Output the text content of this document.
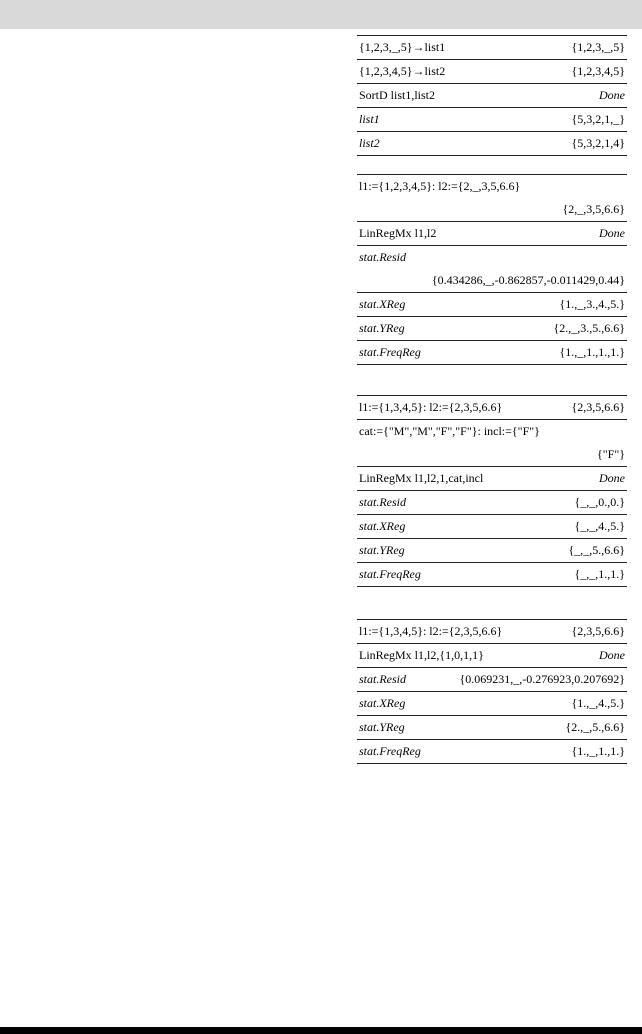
{1,2,3,_,5}→list1	{1,2,3,_,5}
{1,2,3,4,5}→list2	{1,2,3,4,5}
SortD list1,list2	Done
list1	{5,3,2,1,_}
list2	{5,3,2,1,4}
l1:={1,2,3,4,5}: l2:={2,_,3,5,6.6}
{2,_,3,5,6.6}
LinRegMx l1,l2	Done
stat.Resid
{0.434286,_,-0.862857,-0.011429,0.44}
stat.XReg	{1.,_,3.,4.,5.}
stat.YReg	{2.,_,3.,5.,6.6}
stat.FreqReg	{1.,_,1.,1.,1.}
l1:={1,3,4,5}: l2:={2,3,5,6.6}	{2,3,5,6.6}
cat:={"M","M","F","F"}: incl:={"F"}
{"F"}
LinRegMx l1,l2,1,cat,incl	Done
stat.Resid	{_,_,0.,0.}
stat.XReg	{_,_,4.,5.}
stat.YReg	{_,_,5.,6.6}
stat.FreqReg	{_,_,1.,1.}
l1:={1,3,4,5}: l2:={2,3,5,6.6}	{2,3,5,6.6}
LinRegMx l1,l2,{1,0,1,1}	Done
stat.Resid	{0.069231,_,-0.276923,0.207692}
stat.XReg	{1.,_,4.,5.}
stat.YReg	{2.,_,5.,6.6}
stat.FreqReg	{1.,_,1.,1.}
